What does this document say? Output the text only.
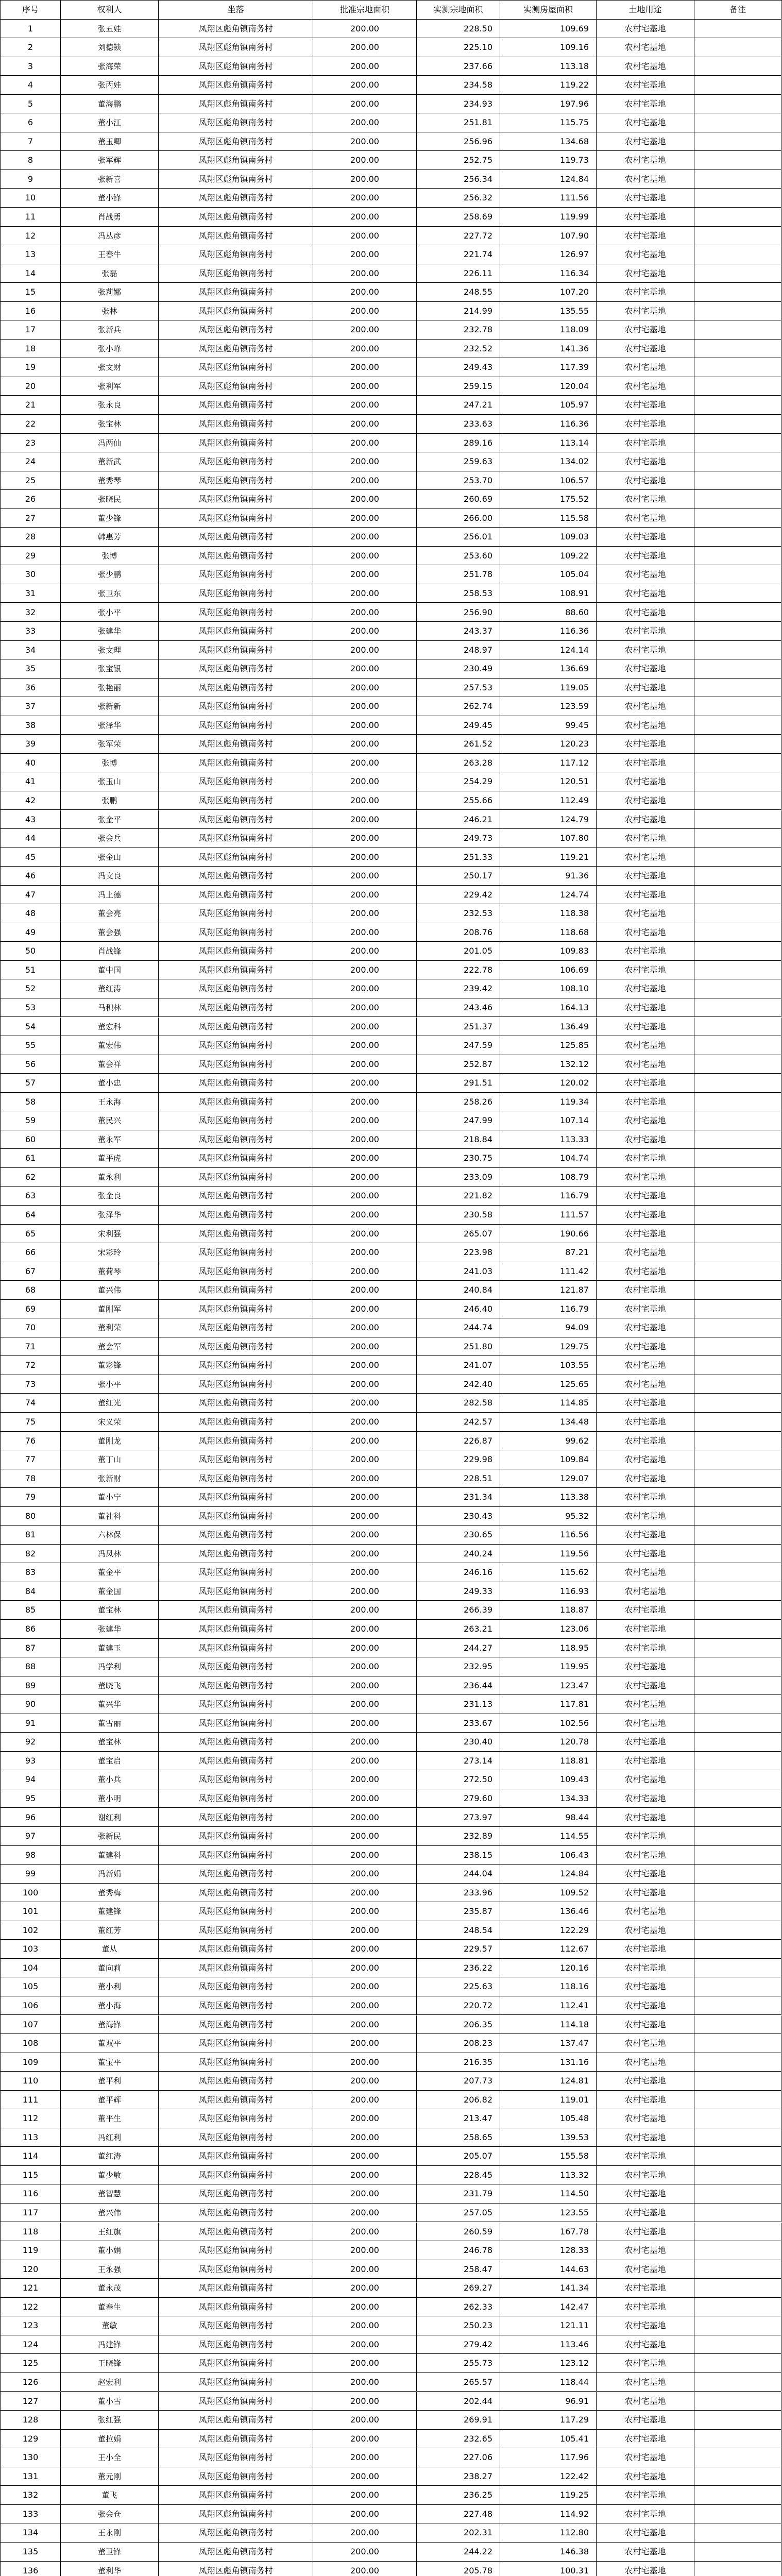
序号	权利人	坐落	批准宗地面积	实测宗地面积	实测房屋面积	土地用途	备注
1	张五娃	凤翔区彪角镇南务村	200.00	228.50	109.69	农村宅基地
2	刘德锁	凤翔区彪角镇南务村	200.00	225.10	109.16	农村宅基地
3	张海荣	凤翔区彪角镇南务村	200.00	237.66	113.18	农村宅基地
4	张丙娃	凤翔区彪角镇南务村	200.00	234.58	119.22	农村宅基地
5	董海鹏	凤翔区彪角镇南务村	200.00	234.93	197.96	农村宅基地
6	董小江	凤翔区彪角镇南务村	200.00	251.81	115.75	农村宅基地
7	董玉卿	凤翔区彪角镇南务村	200.00	256.96	134.68	农村宅基地
8	张军辉	凤翔区彪角镇南务村	200.00	252.75	119.73	农村宅基地
9	张新喜	凤翔区彪角镇南务村	200.00	256.34	124.84	农村宅基地
10	董小锋	凤翔区彪角镇南务村	200.00	256.32	111.56	农村宅基地
11	肖战勇	凤翔区彪角镇南务村	200.00	258.69	119.99	农村宅基地
12	冯丛彦	凤翔区彪角镇南务村	200.00	227.72	107.90	农村宅基地
13	王春牛	凤翔区彪角镇南务村	200.00	221.74	126.97	农村宅基地
14	张磊	凤翔区彪角镇南务村	200.00	226.11	116.34	农村宅基地
15	张莉娜	凤翔区彪角镇南务村	200.00	248.55	107.20	农村宅基地
16	张林	凤翔区彪角镇南务村	200.00	214.99	135.55	农村宅基地
17	张新兵	凤翔区彪角镇南务村	200.00	232.78	118.09	农村宅基地
18	张小峰	凤翔区彪角镇南务村	200.00	232.52	141.36	农村宅基地
19	张文财	凤翔区彪角镇南务村	200.00	249.43	117.39	农村宅基地
20	张利军	凤翔区彪角镇南务村	200.00	259.15	120.04	农村宅基地
21	张永良	凤翔区彪角镇南务村	200.00	247.21	105.97	农村宅基地
22	张宝林	凤翔区彪角镇南务村	200.00	233.63	116.36	农村宅基地
23	冯两仙	凤翔区彪角镇南务村	200.00	289.16	113.14	农村宅基地
24	董新武	凤翔区彪角镇南务村	200.00	259.63	134.02	农村宅基地
25	董秀琴	凤翔区彪角镇南务村	200.00	253.70	106.57	农村宅基地
26	张晓民	凤翔区彪角镇南务村	200.00	260.69	175.52	农村宅基地
27	董少锋	凤翔区彪角镇南务村	200.00	266.00	115.58	农村宅基地
28	韩惠芳	凤翔区彪角镇南务村	200.00	256.01	109.03	农村宅基地
29	张博	凤翔区彪角镇南务村	200.00	253.60	109.22	农村宅基地
30	张少鹏	凤翔区彪角镇南务村	200.00	251.78	105.04	农村宅基地
31	张卫东	凤翔区彪角镇南务村	200.00	258.53	108.91	农村宅基地
32	张小平	凤翔区彪角镇南务村	200.00	256.90	88.60	农村宅基地
33	张建华	凤翔区彪角镇南务村	200.00	243.37	116.36	农村宅基地
34	张文理	凤翔区彪角镇南务村	200.00	248.97	124.14	农村宅基地
35	张宝银	凤翔区彪角镇南务村	200.00	230.49	136.69	农村宅基地
36	张艳丽	凤翔区彪角镇南务村	200.00	257.53	119.05	农村宅基地
37	张新新	凤翔区彪角镇南务村	200.00	262.74	123.59	农村宅基地
38	张泽华	凤翔区彪角镇南务村	200.00	249.45	99.45	农村宅基地
39	张军荣	凤翔区彪角镇南务村	200.00	261.52	120.23	农村宅基地
40	张博	凤翔区彪角镇南务村	200.00	263.28	117.12	农村宅基地
41	张玉山	凤翔区彪角镇南务村	200.00	254.29	120.51	农村宅基地
42	张鹏	凤翔区彪角镇南务村	200.00	255.66	112.49	农村宅基地
43	张金平	凤翔区彪角镇南务村	200.00	246.21	124.79	农村宅基地
44	张会兵	凤翔区彪角镇南务村	200.00	249.73	107.80	农村宅基地
45	张金山	凤翔区彪角镇南务村	200.00	251.33	119.21	农村宅基地
46	冯文良	凤翔区彪角镇南务村	200.00	250.17	91.36	农村宅基地
47	冯上德	凤翔区彪角镇南务村	200.00	229.42	124.74	农村宅基地
48	董会亮	凤翔区彪角镇南务村	200.00	232.53	118.38	农村宅基地
49	董会强	凤翔区彪角镇南务村	200.00	208.76	118.68	农村宅基地
50	肖战锋	凤翔区彪角镇南务村	200.00	201.05	109.83	农村宅基地
51	董中国	凤翔区彪角镇南务村	200.00	222.78	106.69	农村宅基地
52	董红涛	凤翔区彪角镇南务村	200.00	239.42	108.10	农村宅基地
53	马积林	凤翔区彪角镇南务村	200.00	243.46	164.13	农村宅基地
54	董宏科	凤翔区彪角镇南务村	200.00	251.37	136.49	农村宅基地
55	董宏伟	凤翔区彪角镇南务村	200.00	247.59	125.85	农村宅基地
56	董会祥	凤翔区彪角镇南务村	200.00	252.87	132.12	农村宅基地
57	董小忠	凤翔区彪角镇南务村	200.00	291.51	120.02	农村宅基地
58	王永海	凤翔区彪角镇南务村	200.00	258.26	119.34	农村宅基地
59	董民兴	凤翔区彪角镇南务村	200.00	247.99	107.14	农村宅基地
60	董永军	凤翔区彪角镇南务村	200.00	218.84	113.33	农村宅基地
61	董平虎	凤翔区彪角镇南务村	200.00	230.75	104.74	农村宅基地
62	董永利	凤翔区彪角镇南务村	200.00	233.09	108.79	农村宅基地
63	张金良	凤翔区彪角镇南务村	200.00	221.82	116.79	农村宅基地
64	张泽华	凤翔区彪角镇南务村	200.00	230.58	111.57	农村宅基地
65	宋利强	凤翔区彪角镇南务村	200.00	265.07	190.66	农村宅基地
66	宋彩玲	凤翔区彪角镇南务村	200.00	223.98	87.21	农村宅基地
67	董荷琴	凤翔区彪角镇南务村	200.00	241.03	111.42	农村宅基地
68	董兴伟	凤翔区彪角镇南务村	200.00	240.84	121.87	农村宅基地
69	董刚军	凤翔区彪角镇南务村	200.00	246.40	116.79	农村宅基地
70	董利荣	凤翔区彪角镇南务村	200.00	244.74	94.09	农村宅基地
71	董会军	凤翔区彪角镇南务村	200.00	251.80	129.75	农村宅基地
72	董彩锋	凤翔区彪角镇南务村	200.00	241.07	103.55	农村宅基地
73	张小平	凤翔区彪角镇南务村	200.00	242.40	125.65	农村宅基地
74	董红光	凤翔区彪角镇南务村	200.00	282.58	114.85	农村宅基地
75	宋义荣	凤翔区彪角镇南务村	200.00	242.57	134.48	农村宅基地
76	董刚龙	凤翔区彪角镇南务村	200.00	226.87	99.62	农村宅基地
77	董丁山	凤翔区彪角镇南务村	200.00	229.98	109.84	农村宅基地
78	张新财	凤翔区彪角镇南务村	200.00	228.51	129.07	农村宅基地
79	董小宁	凤翔区彪角镇南务村	200.00	231.34	113.38	农村宅基地
80	董社科	凤翔区彪角镇南务村	200.00	230.43	95.32	农村宅基地
81	六林保	凤翔区彪角镇南务村	200.00	230.65	116.56	农村宅基地
82	冯凤林	凤翔区彪角镇南务村	200.00	240.24	119.56	农村宅基地
83	董金平	凤翔区彪角镇南务村	200.00	246.16	115.62	农村宅基地
84	董金国	凤翔区彪角镇南务村	200.00	249.33	116.93	农村宅基地
85	董宝林	凤翔区彪角镇南务村	200.00	266.39	118.87	农村宅基地
86	张建华	凤翔区彪角镇南务村	200.00	263.21	123.06	农村宅基地
87	董建玉	凤翔区彪角镇南务村	200.00	244.27	118.95	农村宅基地
88	冯学利	凤翔区彪角镇南务村	200.00	232.95	119.95	农村宅基地
89	董晓飞	凤翔区彪角镇南务村	200.00	236.44	123.47	农村宅基地
90	董兴华	凤翔区彪角镇南务村	200.00	231.13	117.81	农村宅基地
91	董雪丽	凤翔区彪角镇南务村	200.00	233.67	102.56	农村宅基地
92	董宝林	凤翔区彪角镇南务村	200.00	230.40	120.78	农村宅基地
93	董宝启	凤翔区彪角镇南务村	200.00	273.14	118.81	农村宅基地
94	董小兵	凤翔区彪角镇南务村	200.00	272.50	109.43	农村宅基地
95	董小明	凤翔区彪角镇南务村	200.00	279.60	134.33	农村宅基地
96	谢红利	凤翔区彪角镇南务村	200.00	273.97	98.44	农村宅基地
97	张新民	凤翔区彪角镇南务村	200.00	232.89	114.55	农村宅基地
98	董建科	凤翔区彪角镇南务村	200.00	238.15	106.43	农村宅基地
99	冯新娟	凤翔区彪角镇南务村	200.00	244.04	124.84	农村宅基地
100	董秀梅	凤翔区彪角镇南务村	200.00	233.96	109.52	农村宅基地
101	董建锋	凤翔区彪角镇南务村	200.00	235.87	136.46	农村宅基地
102	董红芳	凤翔区彪角镇南务村	200.00	248.54	122.29	农村宅基地
103	董从	凤翔区彪角镇南务村	200.00	229.57	112.67	农村宅基地
104	董向莉	凤翔区彪角镇南务村	200.00	236.22	120.16	农村宅基地
105	董小利	凤翔区彪角镇南务村	200.00	225.63	118.16	农村宅基地
106	董小海	凤翔区彪角镇南务村	200.00	220.72	112.41	农村宅基地
107	董海锋	凤翔区彪角镇南务村	200.00	206.35	114.18	农村宅基地
108	董双平	凤翔区彪角镇南务村	200.00	208.23	137.47	农村宅基地
109	董宝平	凤翔区彪角镇南务村	200.00	216.35	131.16	农村宅基地
110	董平利	凤翔区彪角镇南务村	200.00	207.73	124.81	农村宅基地
111	董平辉	凤翔区彪角镇南务村	200.00	206.82	119.01	农村宅基地
112	董平生	凤翔区彪角镇南务村	200.00	213.47	105.48	农村宅基地
113	冯红利	凤翔区彪角镇南务村	200.00	258.65	139.53	农村宅基地
114	董红涛	凤翔区彪角镇南务村	200.00	205.07	155.58	农村宅基地
115	董少敏	凤翔区彪角镇南务村	200.00	228.45	113.32	农村宅基地
116	董智慧	凤翔区彪角镇南务村	200.00	231.79	114.50	农村宅基地
117	董兴伟	凤翔区彪角镇南务村	200.00	257.05	123.55	农村宅基地
118	王红旗	凤翔区彪角镇南务村	200.00	260.59	167.78	农村宅基地
119	董小娟	凤翔区彪角镇南务村	200.00	246.78	128.33	农村宅基地
120	王永强	凤翔区彪角镇南务村	200.00	258.47	144.63	农村宅基地
121	董永茂	凤翔区彪角镇南务村	200.00	269.27	141.34	农村宅基地
122	董春生	凤翔区彪角镇南务村	200.00	262.33	142.47	农村宅基地
123	董敏	凤翔区彪角镇南务村	200.00	250.23	121.11	农村宅基地
124	冯建锋	凤翔区彪角镇南务村	200.00	279.42	113.46	农村宅基地
125	王晓锋	凤翔区彪角镇南务村	200.00	255.73	123.12	农村宅基地
126	赵宏利	凤翔区彪角镇南务村	200.00	265.57	118.44	农村宅基地
127	董小雪	凤翔区彪角镇南务村	200.00	202.44	96.91	农村宅基地
128	张红强	凤翔区彪角镇南务村	200.00	269.91	117.29	农村宅基地
129	董拉娟	凤翔区彪角镇南务村	200.00	232.65	105.41	农村宅基地
130	王小全	凤翔区彪角镇南务村	200.00	227.06	117.96	农村宅基地
131	董元刚	凤翔区彪角镇南务村	200.00	238.27	122.42	农村宅基地
132	董飞	凤翔区彪角镇南务村	200.00	236.25	119.25	农村宅基地
133	张会仓	凤翔区彪角镇南务村	200.00	227.48	114.92	农村宅基地
134	王永刚	凤翔区彪角镇南务村	200.00	202.31	112.80	农村宅基地
135	董卫锋	凤翔区彪角镇南务村	200.00	244.22	146.38	农村宅基地
136	董利华	凤翔区彪角镇南务村	200.00	205.78	100.31	农村宅基地
